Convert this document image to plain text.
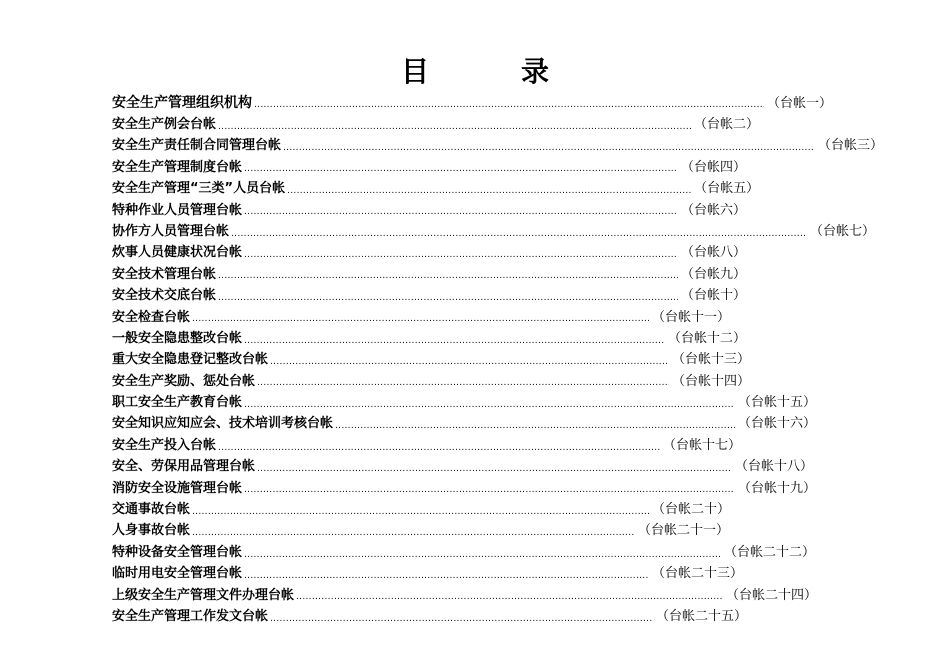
目	录
安全生产管理组织机构 .....	（台帐一）
安全生产例会台帐 .....	（台帐二）
安全生产责任制合同管理台帐 .....	（台帐三）
安全生产管理制度台帐 .....	（台帐四）
安全生产管理“三类”人员台帐 .....	（台帐五）
特种作业人员管理台帐 .....	（台帐六）
协作方人员管理台帐 .....	（台帐七）
炊事人员健康状况台帐 .....	（台帐八）
安全技术管理台帐 .....	（台帐九）
安全技术交底台帐 .....	（台帐十）
安全检查台帐 .....	（台帐十一）
一般安全隐患整改台帐 .....	（台帐十二）
重大安全隐患登记整改台帐 .....	（台帐十三）
安全生产奖励、惩处台帐 .....	（台帐十四）
职工安全生产教育台帐 .....	（台帐十五）
安全知识应知应会、技术培训考核台帐 .....	（台帐十六）
安全生产投入台帐 .....	（台帐十七）
安全、劳保用品管理台帐 .....	（台帐十八）
消防安全设施管理台帐 .....	（台帐十九）
交通事故台帐 .....	（台帐二十）
人身事故台帐 .....	（台帐二十一）
特种设备安全管理台帐 .....	（台帐二十二）
临时用电安全管理台帐 .....	（台帐二十三）
上级安全生产管理文件办理台帐 .....	（台帐二十四）
安全生产管理工作发文台帐 .....	（台帐二十五）
